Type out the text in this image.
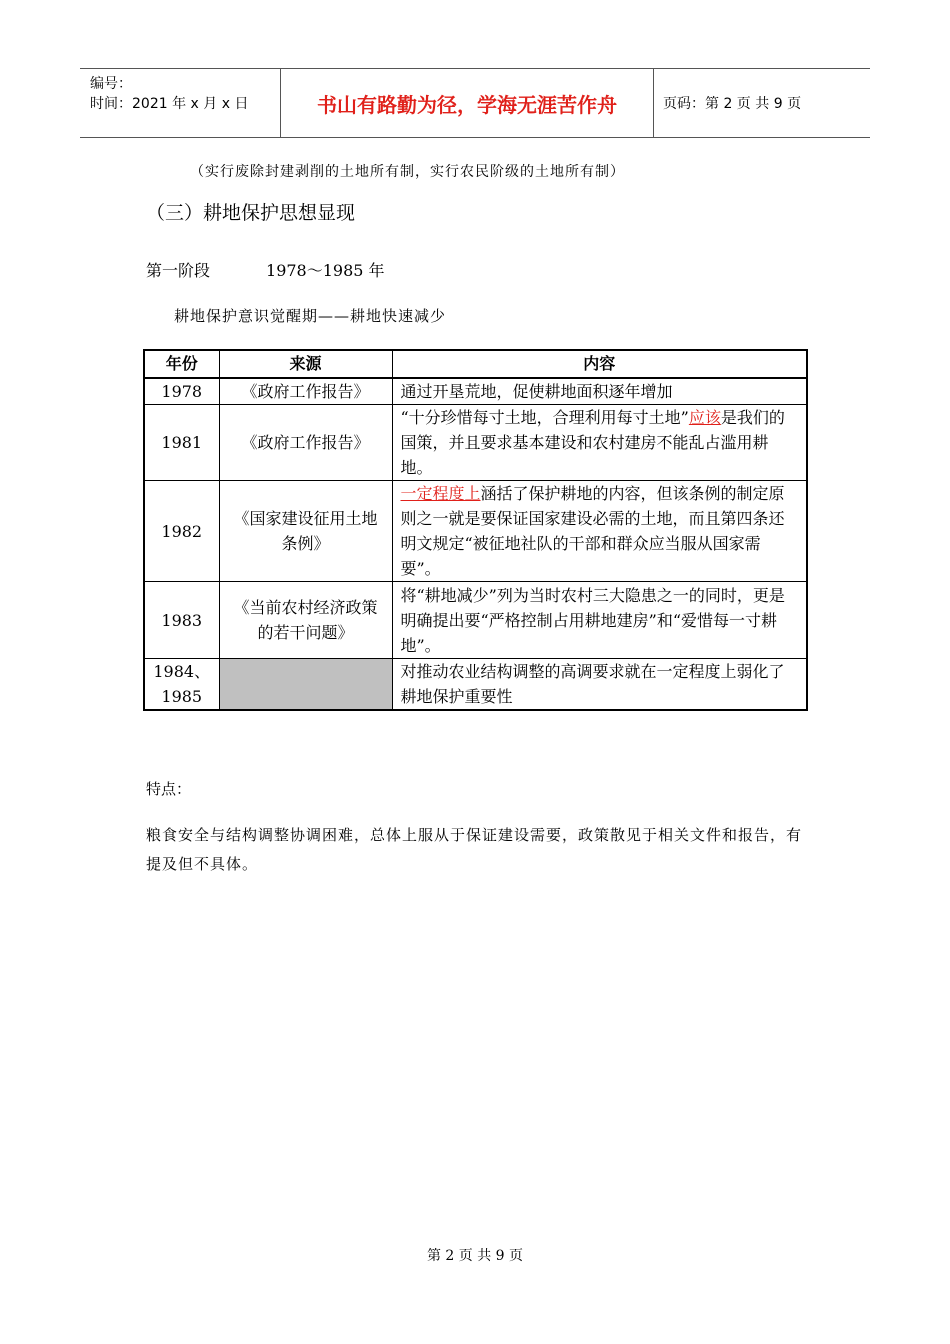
编号：
时间：2021 年 x 月 x 日	书山有路勤为径，学海无涯苦作舟	页码：第 2 页 共 9 页
（实行废除封建剥削的土地所有制，实行农民阶级的土地所有制）
（三）耕地保护思想显现
第一阶段	1978～1985 年
耕地保护意识觉醒期——耕地快速减少
年份	来源	内容
1978	《政府工作报告》	通过开垦荒地，促使耕地面积逐年增加
1981	《政府工作报告》	“十分珍惜每寸土地，合理利用每寸土地”应该是我们的国策，并且要求基本建设和农村建房不能乱占滥用耕地。
1982	《国家建设征用土地条例》	一定程度上涵括了保护耕地的内容，但该条例的制定原则之一就是要保证国家建设必需的土地，而且第四条还明文规定“被征地社队的干部和群众应当服从国家需要”。
1983	《当前农村经济政策的若干问题》	将“耕地减少”列为当时农村三大隐患之一的同时，更是明确提出要“严格控制占用耕地建房”和“爱惜每一寸耕地”。
1984、1985		对推动农业结构调整的高调要求就在一定程度上弱化了耕地保护重要性
特点：
粮食安全与结构调整协调困难，总体上服从于保证建设需要，政策散见于相关文件和报告，有提及但不具体。
第 2 页 共 9 页
